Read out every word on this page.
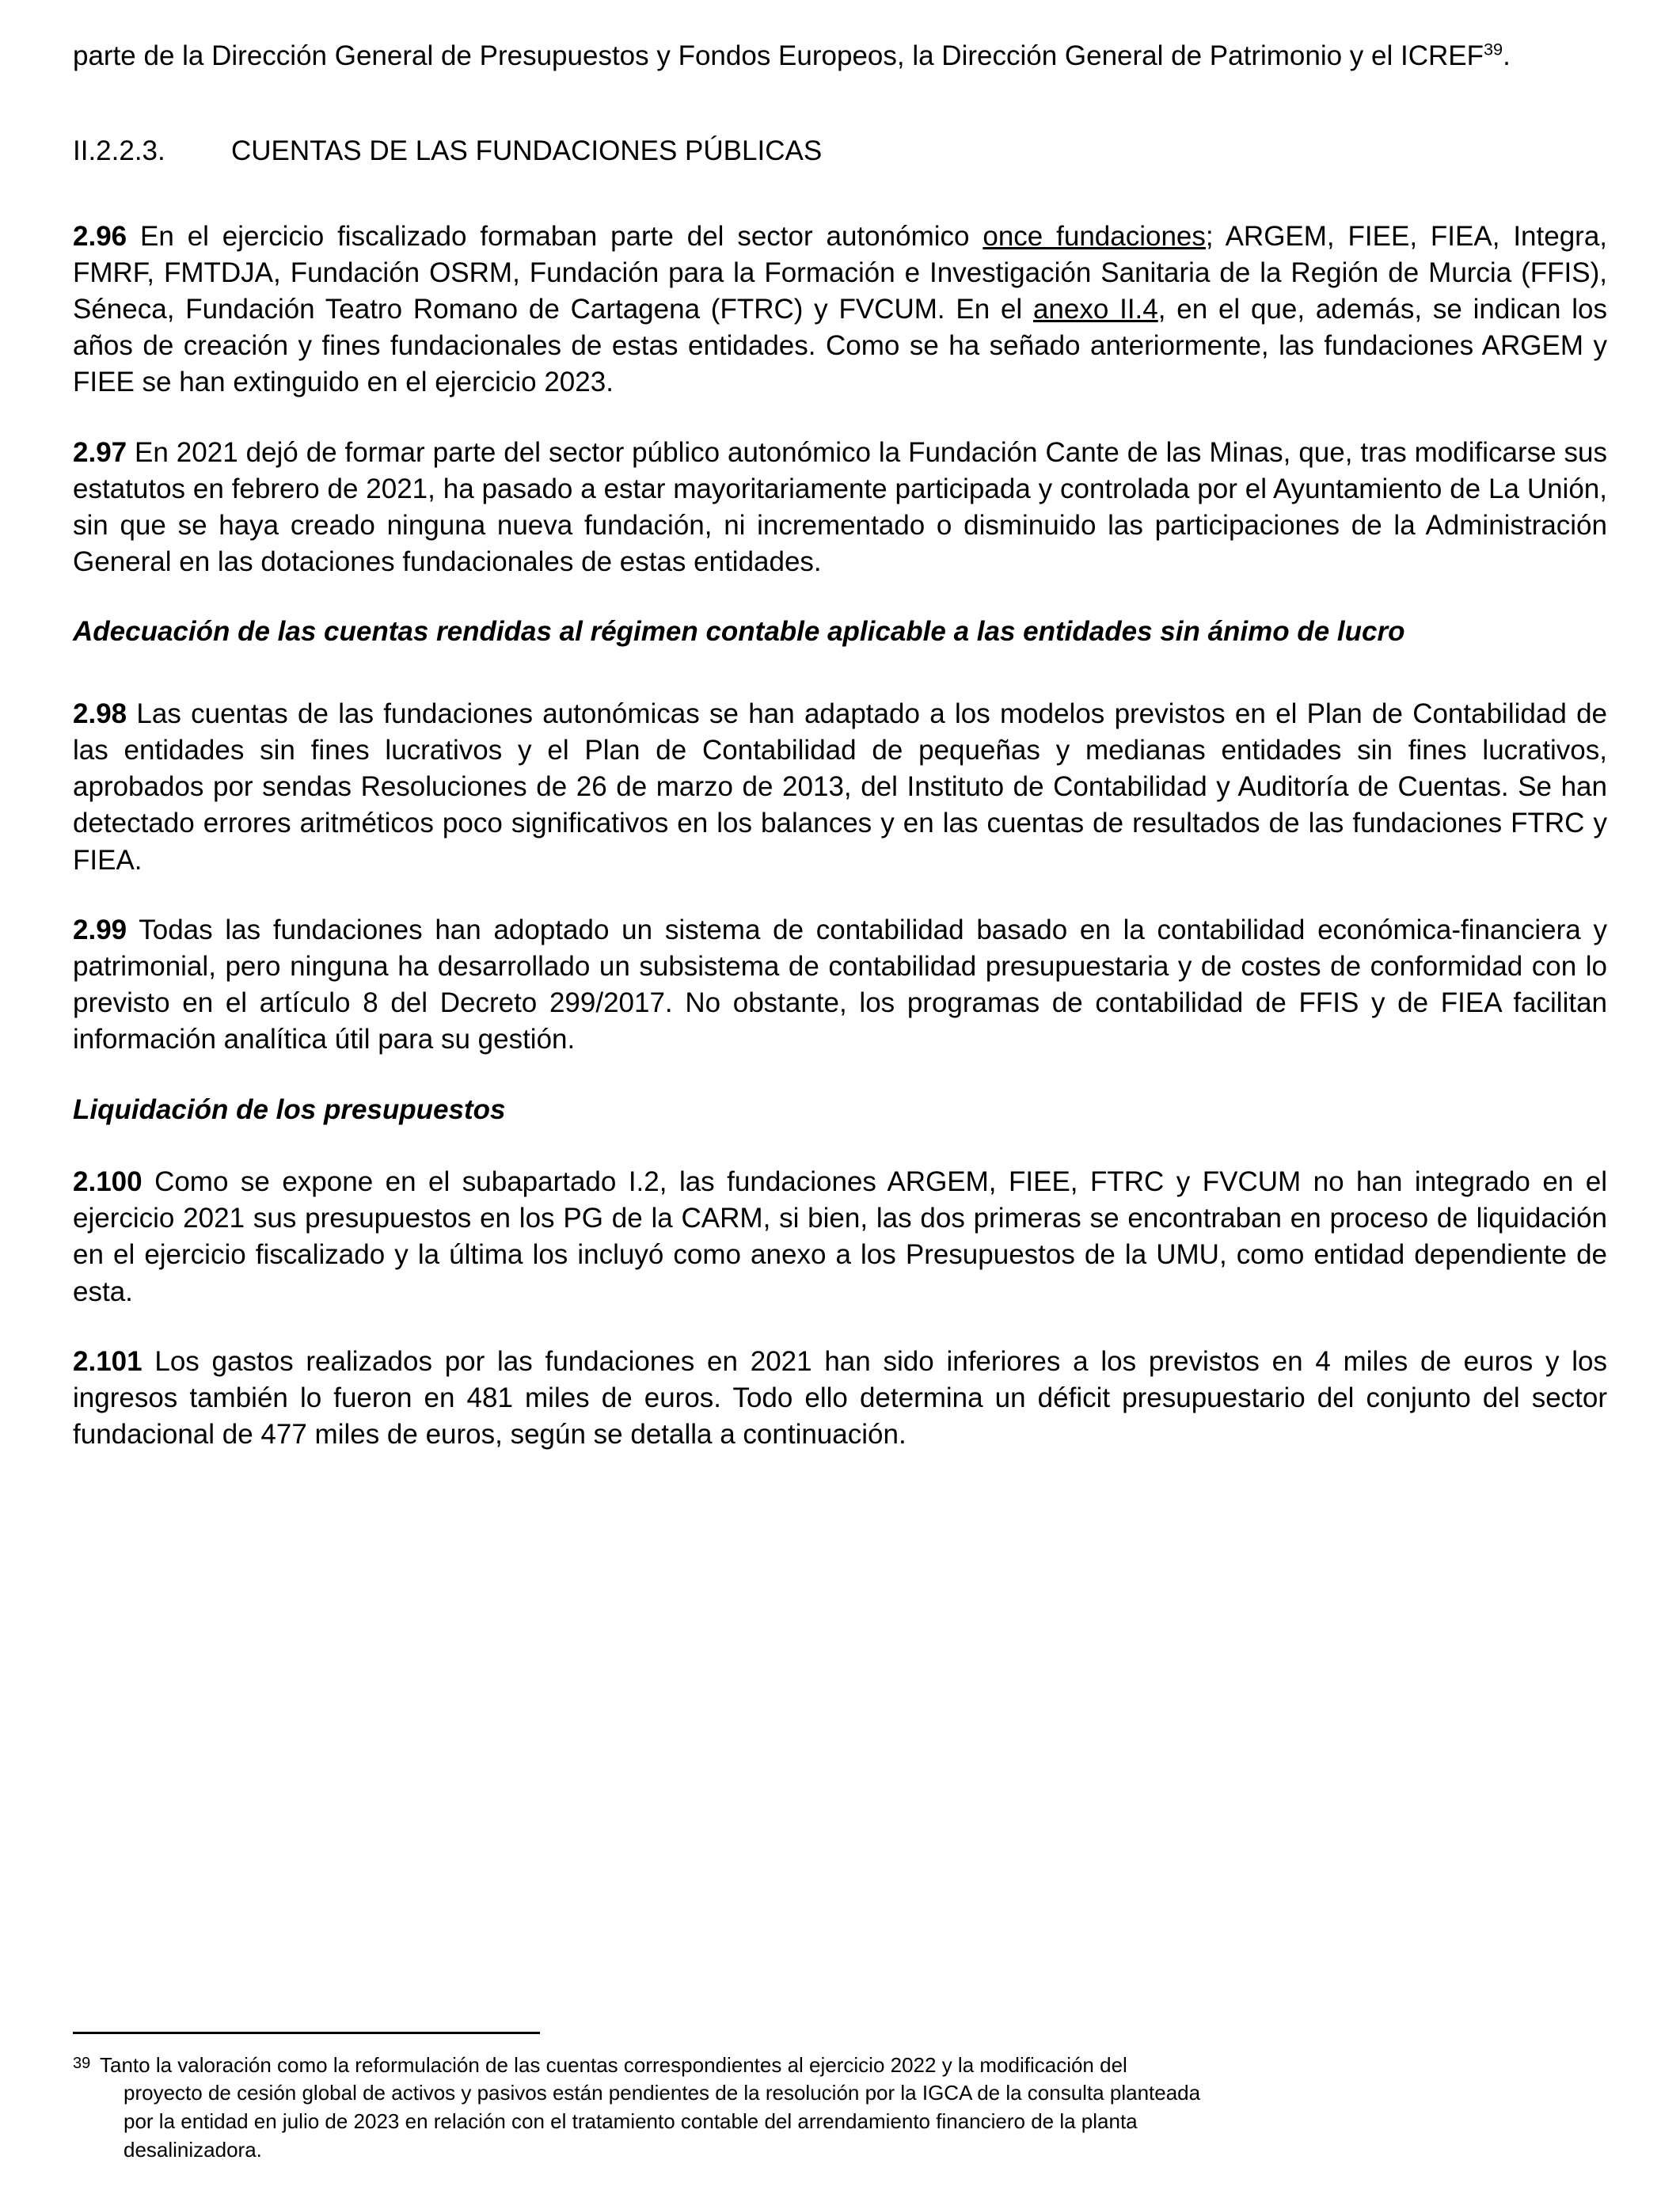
parte de la Dirección General de Presupuestos y Fondos Europeos, la Dirección General de Patrimonio y el ICREF$^{39}$.

II.2.2.3.	CUENTAS DE LAS FUNDACIONES PÚBLICAS

2.96 En el ejercicio fiscalizado formaban parte del sector autonómico once fundaciones; ARGEM, FIEE, FIEA, Integra, FMRF, FMTDJA, Fundación OSRM, Fundación para la Formación e Investigación Sanitaria de la Región de Murcia (FFIS), Séneca, Fundación Teatro Romano de Cartagena (FTRC) y FVCUM. En el anexo II.4, en el que, además, se indican los años de creación y fines fundacionales de estas entidades. Como se ha señado anteriormente, las fundaciones ARGEM y FIEE se han extinguido en el ejercicio 2023.

2.97 En 2021 dejó de formar parte del sector público autonómico la Fundación Cante de las Minas, que, tras modificarse sus estatutos en febrero de 2021, ha pasado a estar mayoritariamente participada y controlada por el Ayuntamiento de La Unión, sin que se haya creado ninguna nueva fundación, ni incrementado o disminuido las participaciones de la Administración General en las dotaciones fundacionales de estas entidades.

Adecuación de las cuentas rendidas al régimen contable aplicable a las entidades sin ánimo de lucro

2.98 Las cuentas de las fundaciones autonómicas se han adaptado a los modelos previstos en el Plan de Contabilidad de las entidades sin fines lucrativos y el Plan de Contabilidad de pequeñas y medianas entidades sin fines lucrativos, aprobados por sendas Resoluciones de 26 de marzo de 2013, del Instituto de Contabilidad y Auditoría de Cuentas. Se han detectado errores aritméticos poco significativos en los balances y en las cuentas de resultados de las fundaciones FTRC y FIEA.

2.99 Todas las fundaciones han adoptado un sistema de contabilidad basado en la contabilidad económica-financiera y patrimonial, pero ninguna ha desarrollado un subsistema de contabilidad presupuestaria y de costes de conformidad con lo previsto en el artículo 8 del Decreto 299/2017. No obstante, los programas de contabilidad de FFIS y de FIEA facilitan información analítica útil para su gestión.

Liquidación de los presupuestos

2.100 Como se expone en el subapartado I.2, las fundaciones ARGEM, FIEE, FTRC y FVCUM no han integrado en el ejercicio 2021 sus presupuestos en los PG de la CARM, si bien, las dos primeras se encontraban en proceso de liquidación en el ejercicio fiscalizado y la última los incluyó como anexo a los Presupuestos de la UMU, como entidad dependiente de esta.

2.101 Los gastos realizados por las fundaciones en 2021 han sido inferiores a los previstos en 4 miles de euros y los ingresos también lo fueron en 481 miles de euros. Todo ello determina un déficit presupuestario del conjunto del sector fundacional de 477 miles de euros, según se detalla a continuación.

39 Tanto la valoración como la reformulación de las cuentas correspondientes al ejercicio 2022 y la modificación del

proyecto de cesión global de activos y pasivos están pendientes de la resolución por la IGCA de la consulta planteada

por la entidad en julio de 2023 en relación con el tratamiento contable del arrendamiento financiero de la planta

desalinizadora.
